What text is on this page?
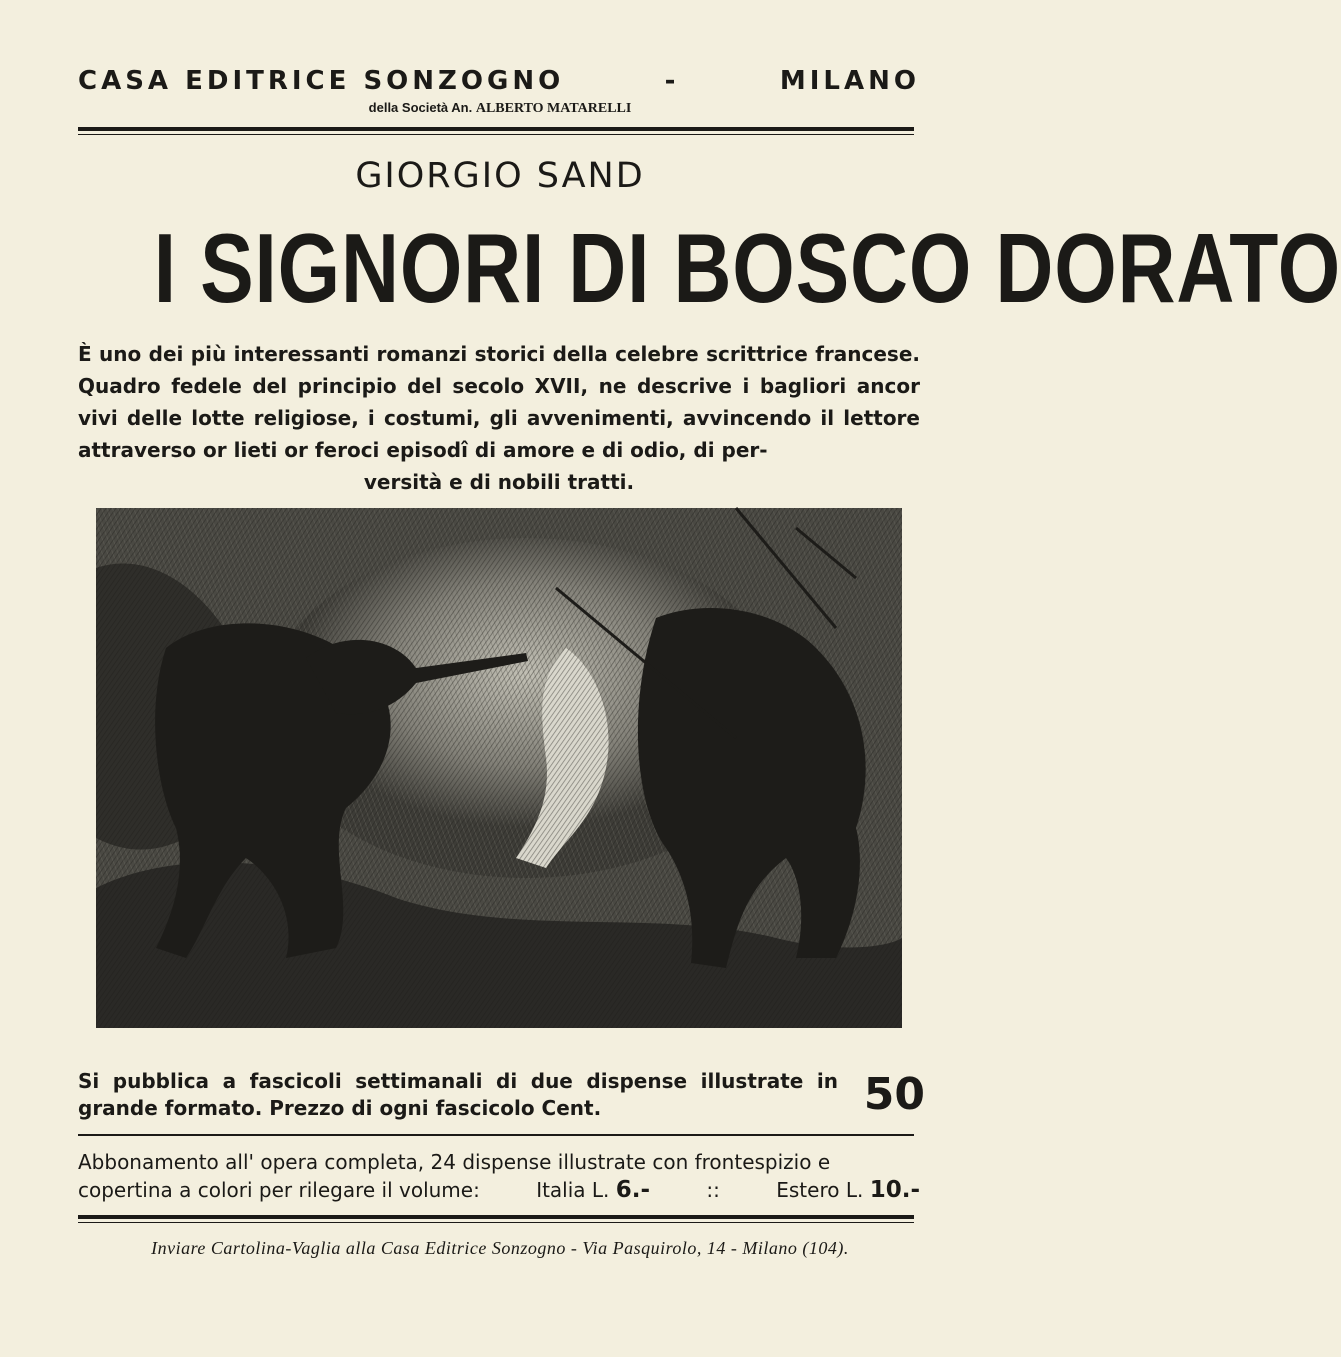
CASA EDITRICE SONZOGNO	-	MILANO
della Società An. ALBERTO MATARELLI
GIORGIO SAND
I SIGNORI DI BOSCO DORATO
È uno dei più interessanti romanzi storici della celebre scrittrice francese. Quadro fedele del principio del secolo XVII, ne descrive i bagliori ancor vivi delle lotte religiose, i costumi, gli avvenimenti, avvincendo il lettore attraverso or lieti or feroci episodî di amore e di odio, di per-
versità e di nobili tratti.
Si pubblica a fascicoli settimanali di due dispense illustrate in grande formato. Prezzo di ogni fascicolo Cent.	50
Abbonamento all' opera completa, 24 dispense illustrate con frontespizio e
copertina a colori per rilegare il volume:	Italia L. 6.-	::	Estero L. 10.-
Inviare Cartolina-Vaglia alla Casa Editrice Sonzogno - Via Pasquirolo, 14 - Milano (104).
